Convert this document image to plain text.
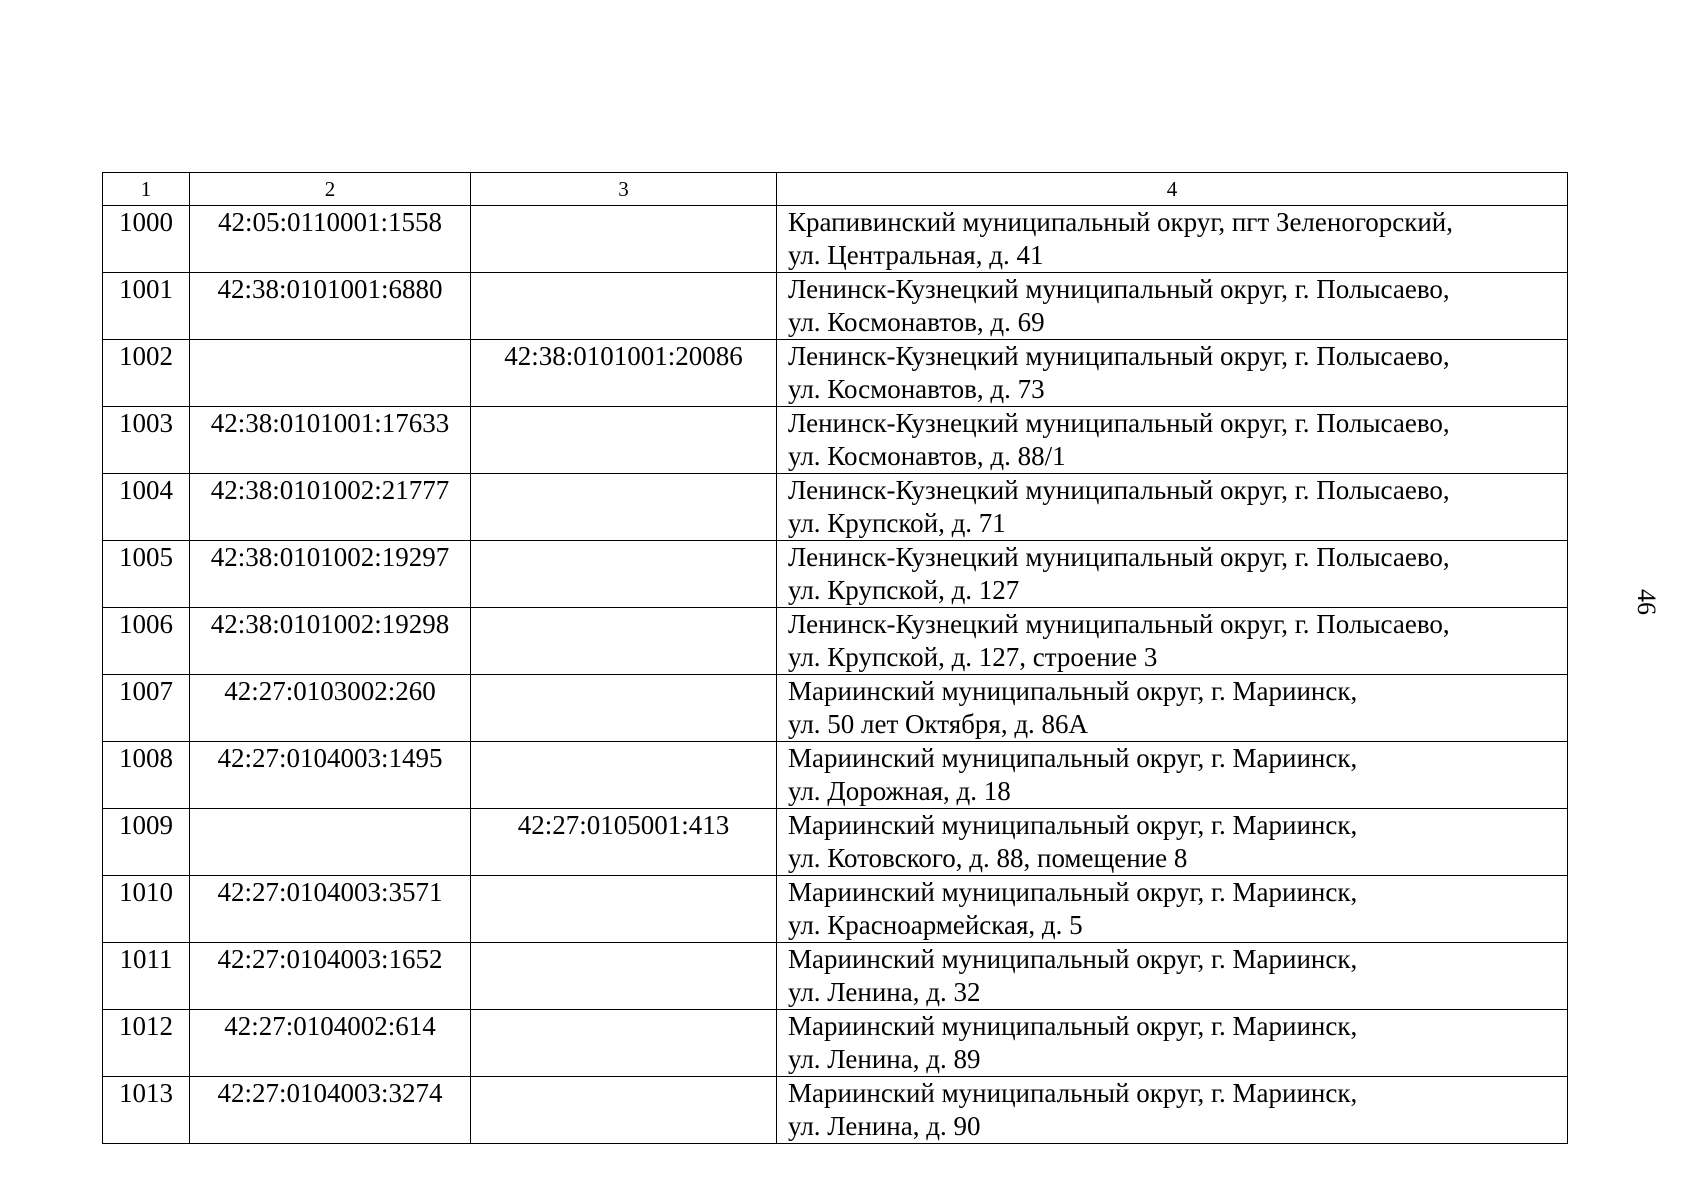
46
1	2	3	4

1000	42:05:0110001:1558		Крапивинский муниципальный округ, пгт Зеленогорский,
ул. Центральная, д. 41

1001	42:38:0101001:6880		Ленинск-Кузнецкий муниципальный округ, г. Полысаево,
ул. Космонавтов, д. 69

1002		42:38:0101001:20086	Ленинск-Кузнецкий муниципальный округ, г. Полысаево,
ул. Космонавтов, д. 73

1003	42:38:0101001:17633		Ленинск-Кузнецкий муниципальный округ, г. Полысаево,
ул. Космонавтов, д. 88/1

1004	42:38:0101002:21777		Ленинск-Кузнецкий муниципальный округ, г. Полысаево,
ул. Крупской, д. 71

1005	42:38:0101002:19297		Ленинск-Кузнецкий муниципальный округ, г. Полысаево,
ул. Крупской, д. 127

1006	42:38:0101002:19298		Ленинск-Кузнецкий муниципальный округ, г. Полысаево,
ул. Крупской, д. 127, строение 3

1007	42:27:0103002:260		Мариинский муниципальный округ, г. Мариинск,
ул. 50 лет Октября, д. 86А

1008	42:27:0104003:1495		Мариинский муниципальный округ, г. Мариинск,
ул. Дорожная, д. 18

1009		42:27:0105001:413	Мариинский муниципальный округ, г. Мариинск,
ул. Котовского, д. 88, помещение 8

1010	42:27:0104003:3571		Мариинский муниципальный округ, г. Мариинск,
ул. Красноармейская, д. 5

1011	42:27:0104003:1652		Мариинский муниципальный округ, г. Мариинск,
ул. Ленина, д. 32

1012	42:27:0104002:614		Мариинский муниципальный округ, г. Мариинск,
ул. Ленина, д. 89

1013	42:27:0104003:3274		Мариинский муниципальный округ, г. Мариинск,
ул. Ленина, д. 90
